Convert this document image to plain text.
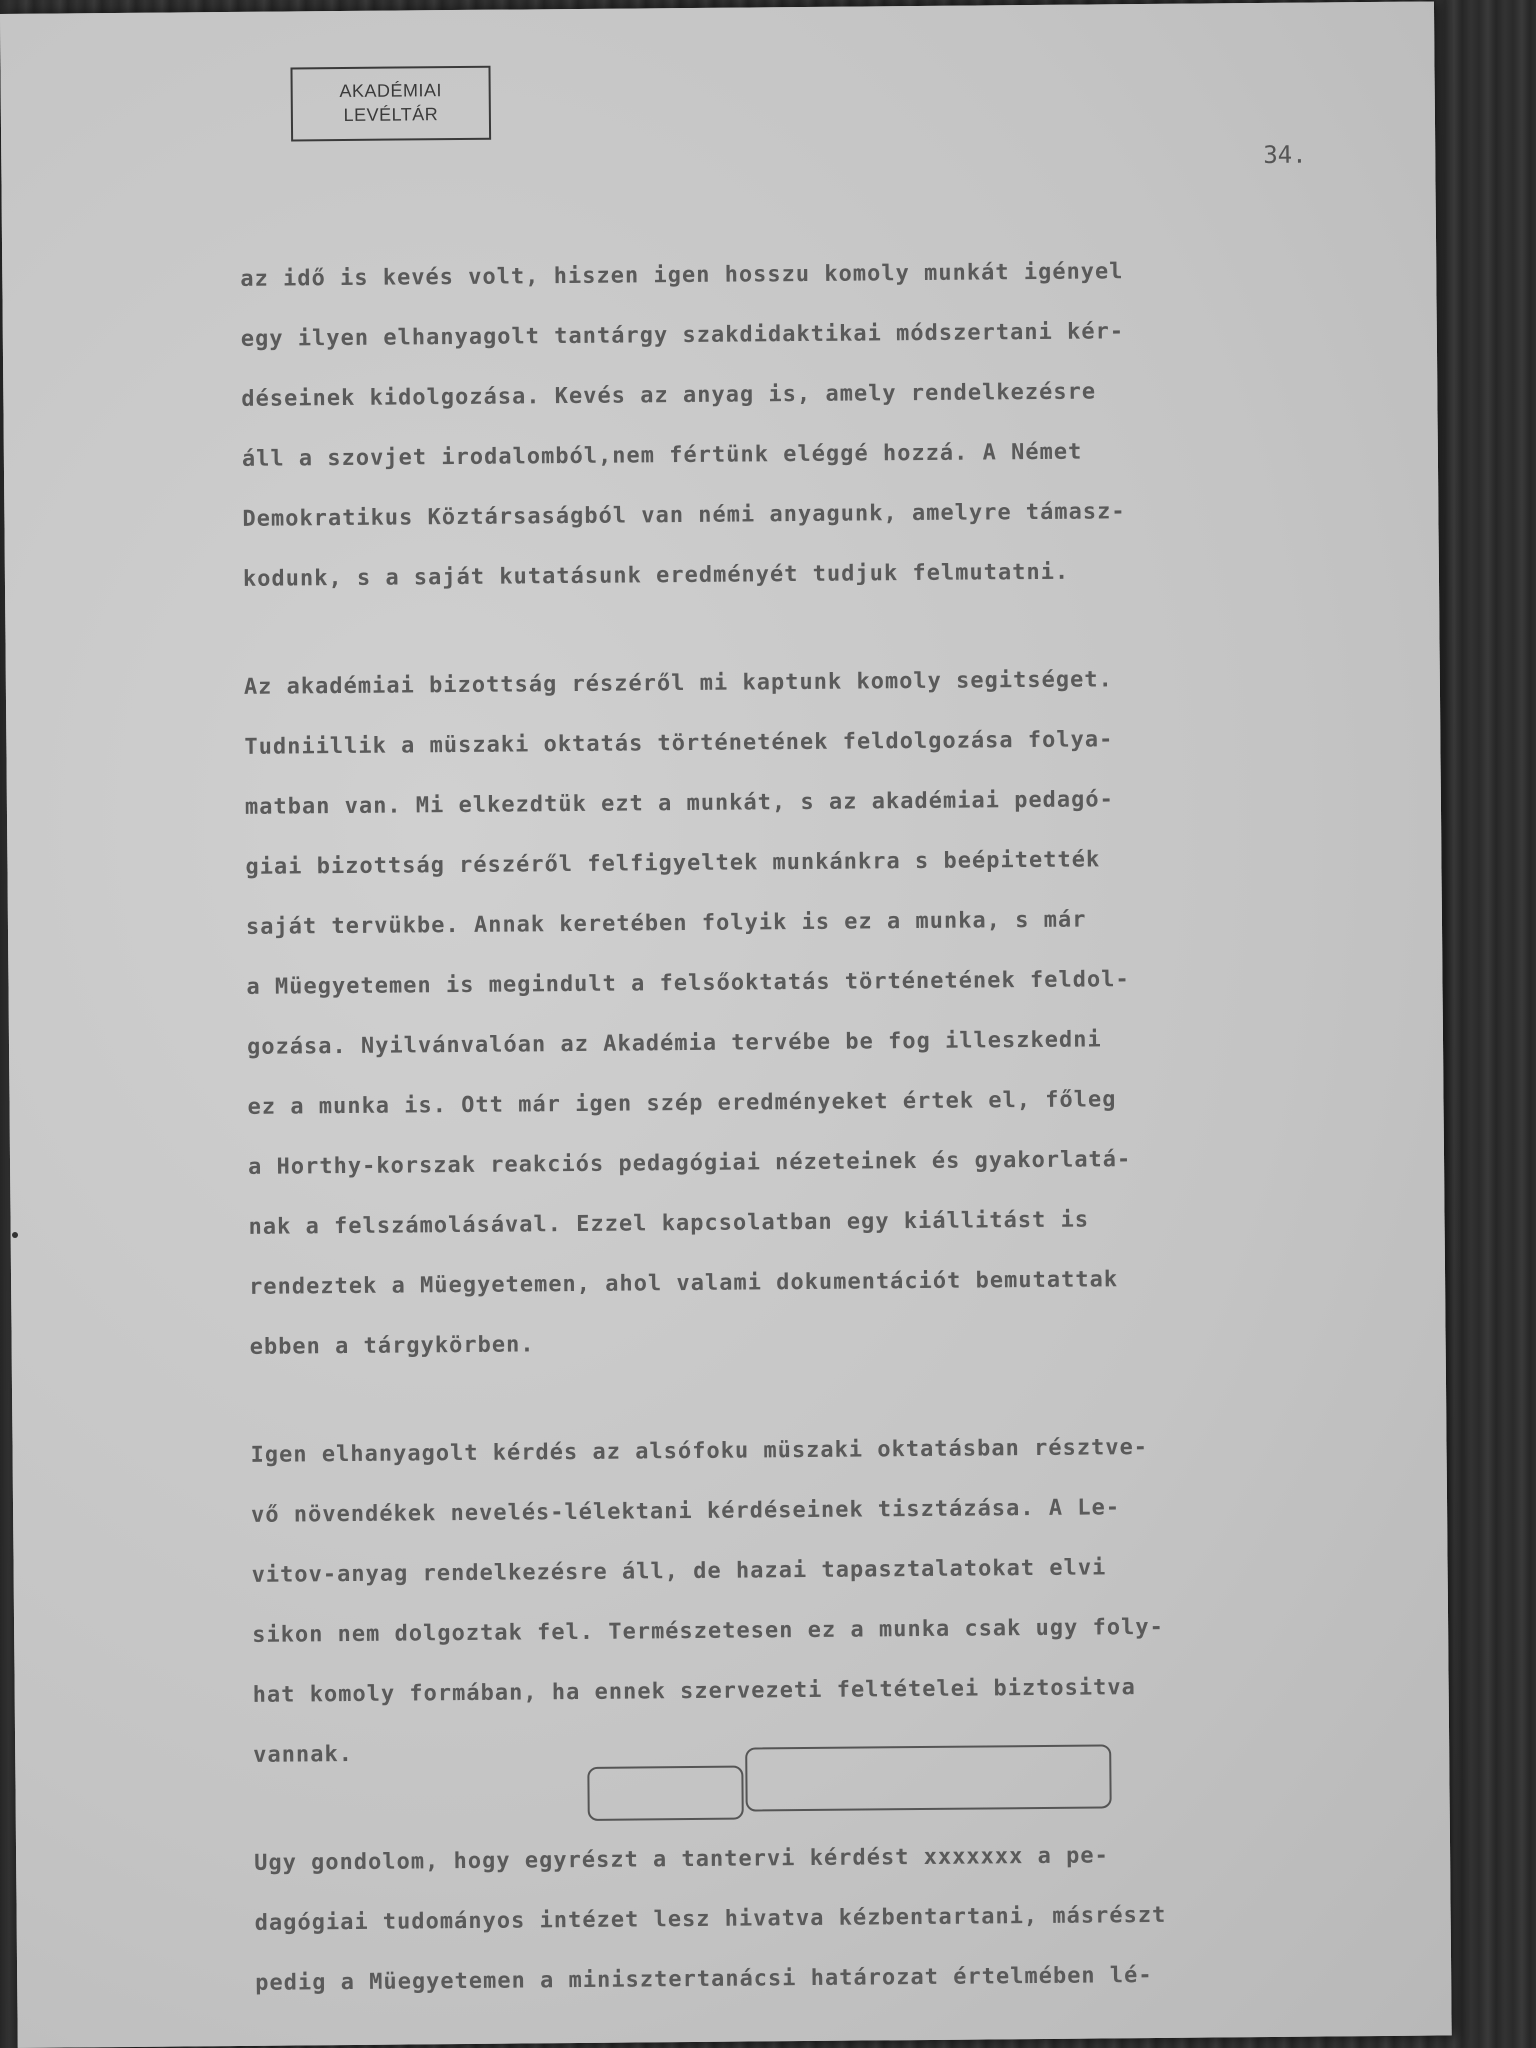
AKADÉMIAI
LEVÉLTÁR
34.
az idő is kevés volt, hiszen igen hosszu komoly munkát igényel
egy ilyen elhanyagolt tantárgy szakdidaktikai módszertani kér-
déseinek kidolgozása. Kevés az anyag is, amely rendelkezésre
áll a szovjet irodalomból,nem fértünk eléggé hozzá. A Német
Demokratikus Köztársaságból van némi anyagunk, amelyre támasz-
kodunk, s a saját kutatásunk eredményét tudjuk felmutatni.
Az akadémiai bizottság részéről mi kaptunk komoly segitséget.
Tudniillik a müszaki oktatás történetének feldolgozása folya-
matban van. Mi elkezdtük ezt a munkát, s az akadémiai pedagó-
giai bizottság részéről felfigyeltek munkánkra s beépitették
saját tervükbe. Annak keretében folyik is ez a munka, s már
a Müegyetemen is megindult a felsőoktatás történetének feldol-
gozása. Nyilvánvalóan az Akadémia tervébe be fog illeszkedni
ez a munka is. Ott már igen szép eredményeket értek el, főleg
a Horthy-korszak reakciós pedagógiai nézeteinek és gyakorlatá-
nak a felszámolásával. Ezzel kapcsolatban egy kiállitást is
rendeztek a Müegyetemen, ahol valami dokumentációt bemutattak
ebben a tárgykörben.
Igen elhanyagolt kérdés az alsófoku müszaki oktatásban résztve-
vő növendékek nevelés-lélektani kérdéseinek tisztázása. A Le-
vitov-anyag rendelkezésre áll, de hazai tapasztalatokat elvi
sikon nem dolgoztak fel. Természetesen ez a munka csak ugy foly-
hat komoly formában, ha ennek szervezeti feltételei biztositva
vannak.
Ugy gondolom, hogy egyrészt a tantervi kérdést xxxxxxx a pe-
dagógiai tudományos intézet lesz hivatva kézbentartani, másrészt
pedig a Müegyetemen a minisztertanácsi határozat értelmében lé-
